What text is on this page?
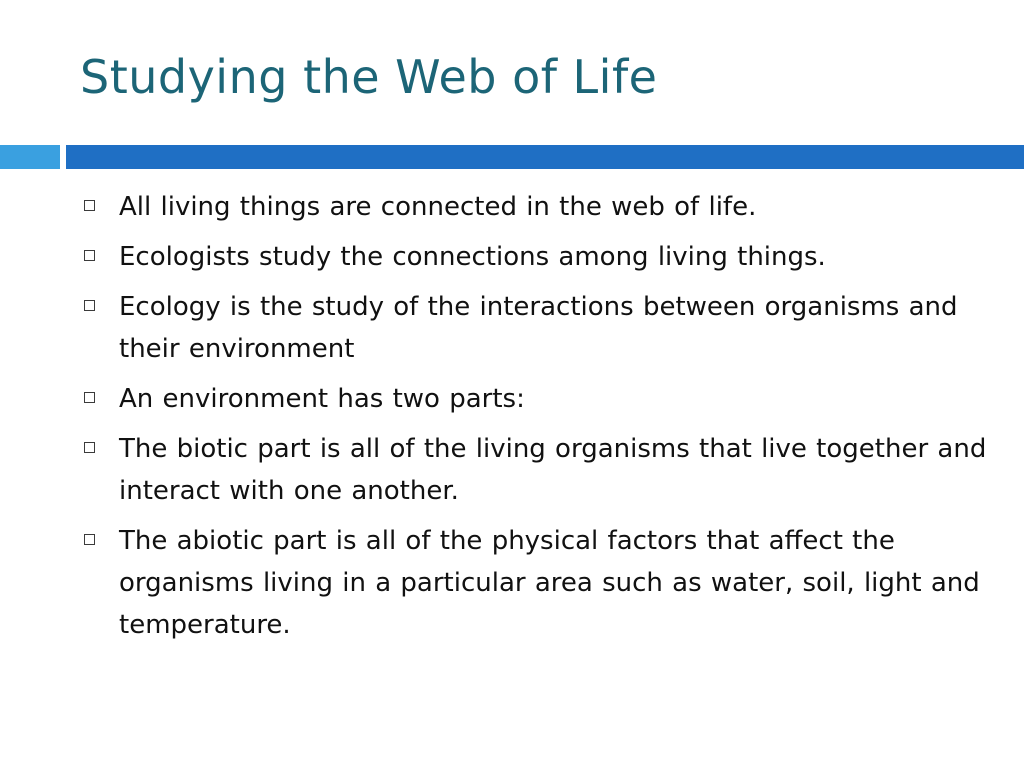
Studying the Web of Life
All living things are connected in the web of life.
Ecologists study the connections among living things.
Ecology is the study of the interactions between organisms and their environment
An environment has two parts:
The biotic part is all of the living organisms that live together and interact with one another.
The abiotic part is all of the physical factors that affect the organisms living in a particular area such as water, soil, light and temperature.
